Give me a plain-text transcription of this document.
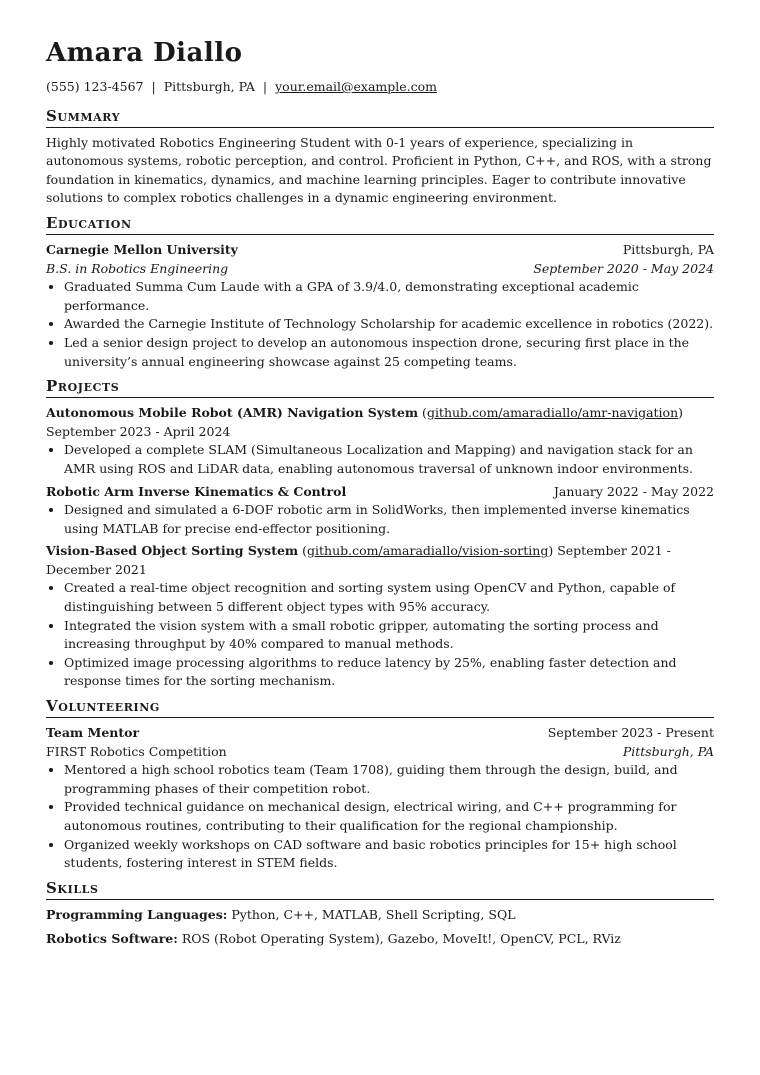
Amara Diallo
(555) 123-4567 | Pittsburgh, PA | your.email@example.com
Summary

Highly motivated Robotics Engineering Student with 0-1 years of experience, specializing in autonomous systems, robotic perception, and control. Proficient in Python, C++, and ROS, with a strong foundation in kinematics, dynamics, and machine learning principles. Eager to contribute innovative solutions to complex robotics challenges in a dynamic engineering environment.

Education
Carnegie Mellon University	Pittsburgh, PA
B.S. in Robotics Engineering	September 2020 - May 2024
• Graduated Summa Cum Laude with a GPA of 3.9/4.0, demonstrating exceptional academic performance.
• Awarded the Carnegie Institute of Technology Scholarship for academic excellence in robotics (2022).
• Led a senior design project to develop an autonomous inspection drone, securing first place in the university’s annual engineering showcase against 25 competing teams.
Projects
Autonomous Mobile Robot (AMR) Navigation System (github.com/amaradiallo/amr-navigation)
September 2023 - April 2024
• Developed a complete SLAM (Simultaneous Localization and Mapping) and navigation stack for an AMR using ROS and LiDAR data, enabling autonomous traversal of unknown indoor environments.
Robotic Arm Inverse Kinematics & Control	January 2022 - May 2022
• Designed and simulated a 6-DOF robotic arm in SolidWorks, then implemented inverse kinematics using MATLAB for precise end-effector positioning.
Vision-Based Object Sorting System (github.com/amaradiallo/vision-sorting) September 2021 - December 2021
• Created a real-time object recognition and sorting system using OpenCV and Python, capable of distinguishing between 5 different object types with 95% accuracy.
• Integrated the vision system with a small robotic gripper, automating the sorting process and increasing throughput by 40% compared to manual methods.
• Optimized image processing algorithms to reduce latency by 25%, enabling faster detection and response times for the sorting mechanism.
Volunteering
Team Mentor	September 2023 - Present
FIRST Robotics Competition	Pittsburgh, PA
• Mentored a high school robotics team (Team 1708), guiding them through the design, build, and programming phases of their competition robot.
• Provided technical guidance on mechanical design, electrical wiring, and C++ programming for autonomous routines, contributing to their qualification for the regional championship.
• Organized weekly workshops on CAD software and basic robotics principles for 15+ high school students, fostering interest in STEM fields.
Skills
Programming Languages: Python, C++, MATLAB, Shell Scripting, SQL
Robotics Software: ROS (Robot Operating System), Gazebo, MoveIt!, OpenCV, PCL, RViz
